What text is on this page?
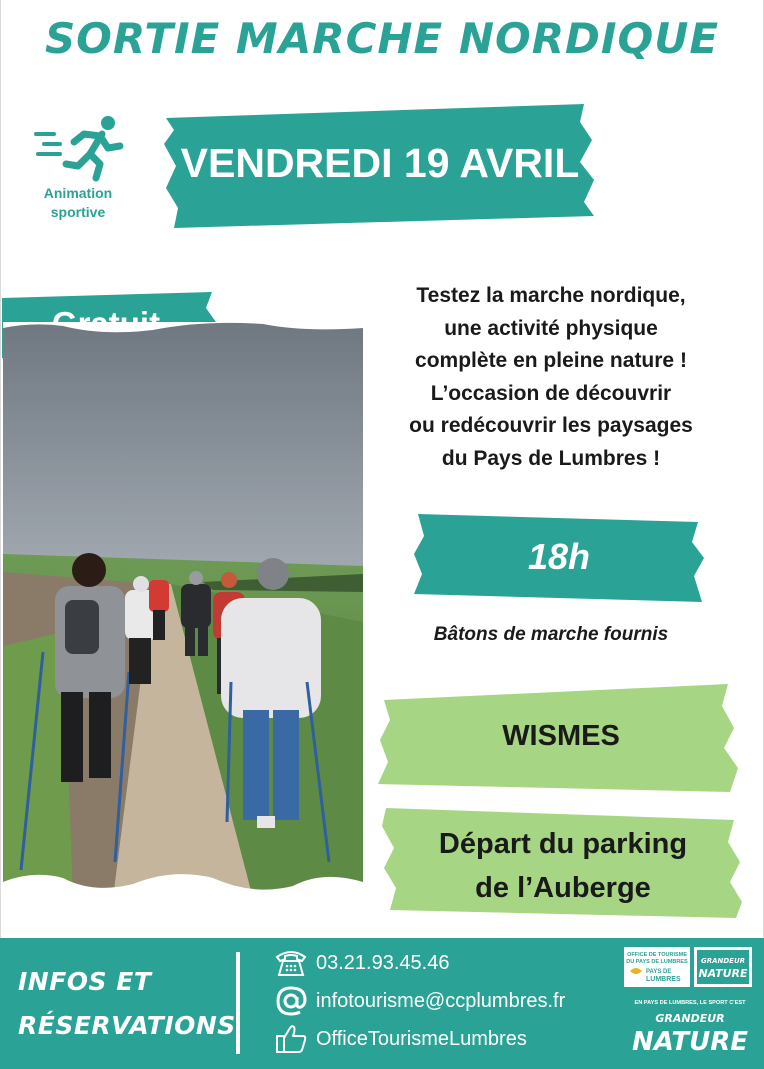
SORTIE MARCHE NORDIQUE
Animation
sportive
VENDREDI 19 AVRIL
Testez la marche nordique,
une activité physique
complète en pleine nature !
L’occasion de découvrir
ou redécouvrir les paysages
du Pays de Lumbres !
18h
Bâtons de marche fournis
WISMES
Départ du parking
de l’Auberge
INFOS ET
RÉSERVATIONS
03.21.93.45.46
infotourisme@ccplumbres.fr
OfficeTourismeLumbres
OFFICE DE TOURISME
DU PAYS DE LUMBRES
PAYS DE
LUMBRES
GRANDEUR
NATURE
EN PAYS DE LUMBRES, LE SPORT C'EST
GRANDEUR
NATURE
